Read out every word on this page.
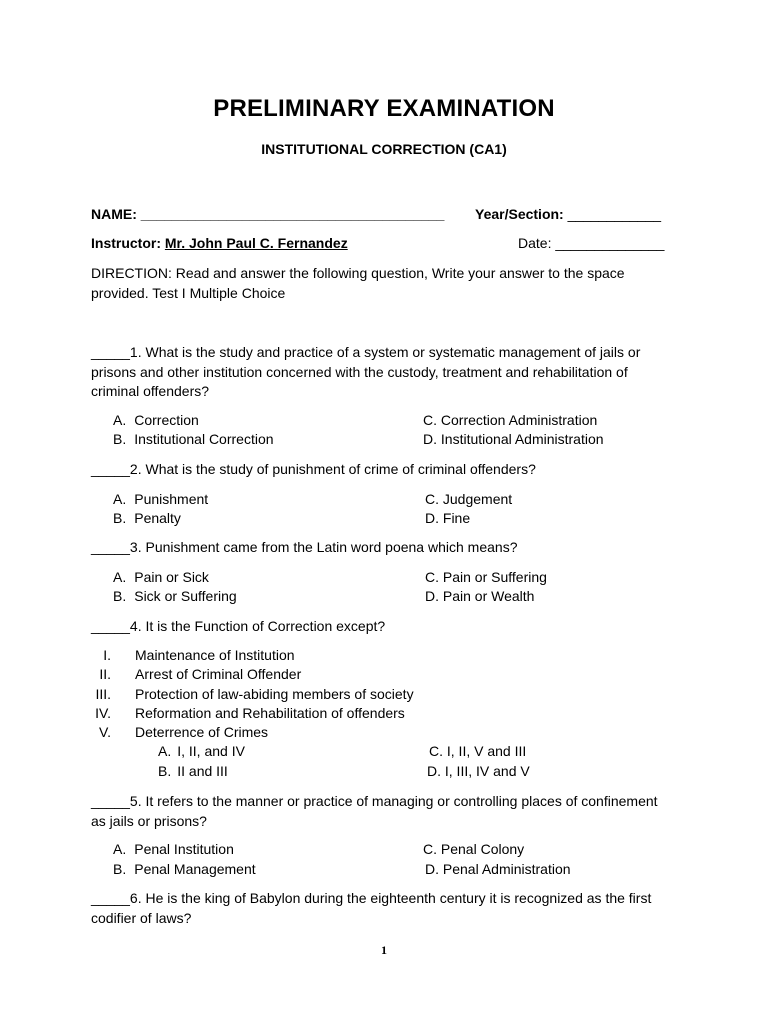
PRELIMINARY EXAMINATION
INSTITUTIONAL CORRECTION (CA1)
NAME: _______________________________________ Year/Section: ____________
Instructor: Mr. John Paul C. Fernandez	Date: ______________
DIRECTION: Read and answer the following question, Write your answer to the space provided. Test I Multiple Choice
_____1. What is the study and practice of a system or systematic management of jails or prisons and other institution concerned with the custody, treatment and rehabilitation of criminal offenders?
A. Correction
B. Institutional Correction
C. Correction Administration
D. Institutional Administration
_____2. What is the study of punishment of crime of criminal offenders?
A. Punishment
B. Penalty
C. Judgement
D. Fine
_____3. Punishment came from the Latin word poena which means?
A. Pain or Sick
B. Sick or Suffering
C. Pain or Suffering
D. Pain or Wealth
_____4. It is the Function of Correction except?
I. Maintenance of Institution
II. Arrest of Criminal Offender
III. Protection of law-abiding members of society
IV. Reformation and Rehabilitation of offenders
V. Deterrence of Crimes
A. I, II, and IV
B. II and III
C. I, II, V and III
D. I, III, IV and V
_____5. It refers to the manner or practice of managing or controlling places of confinement as jails or prisons?
A. Penal Institution
B. Penal Management
C. Penal Colony
D. Penal Administration
_____6. He is the king of Babylon during the eighteenth century it is recognized as the first codifier of laws?
1
